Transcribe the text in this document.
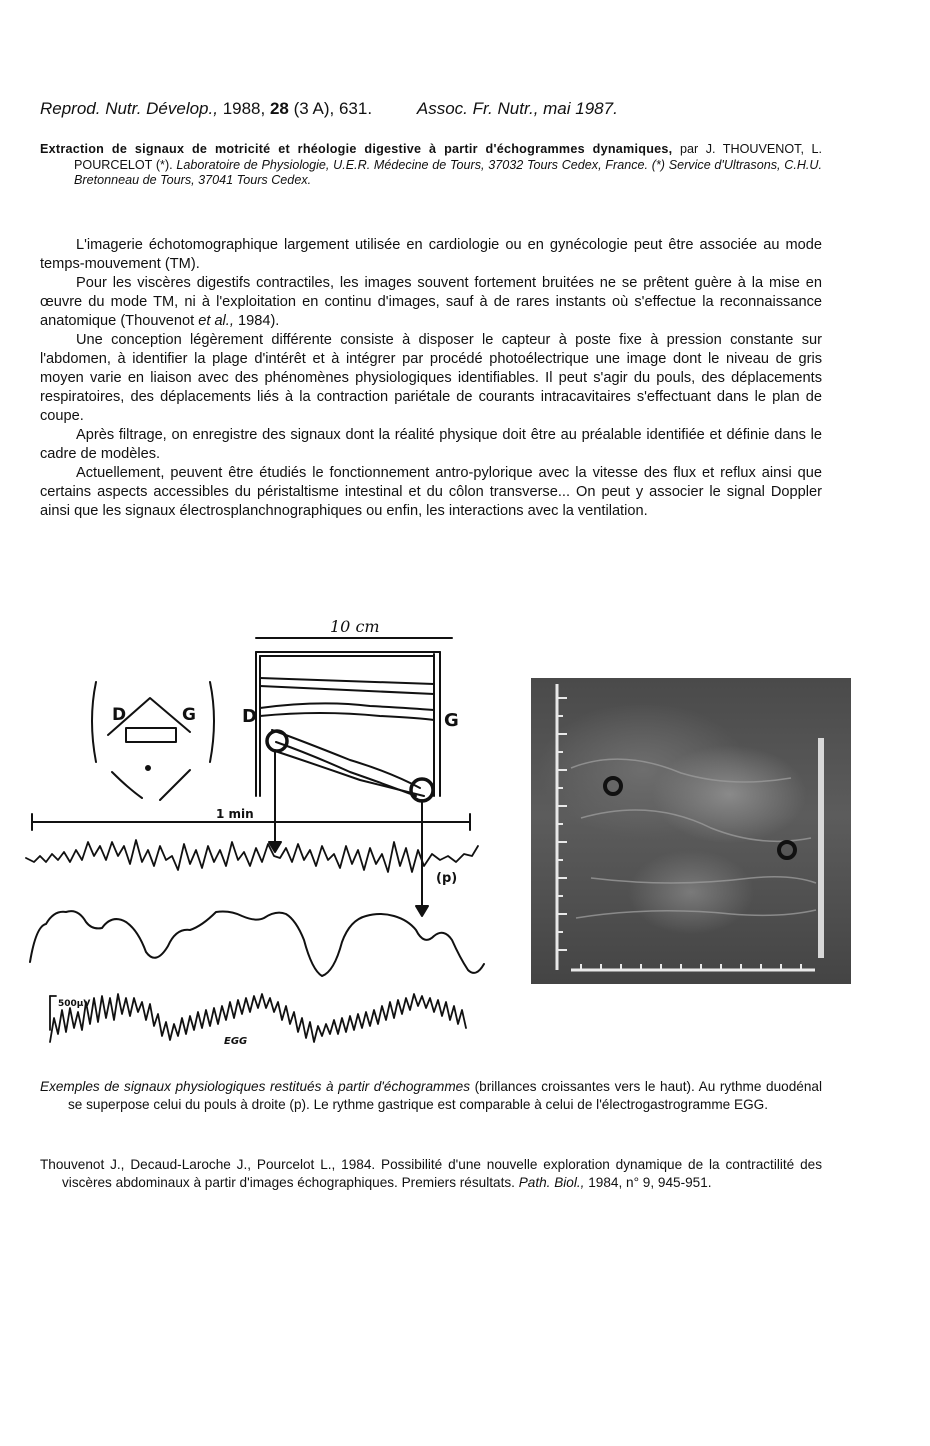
Reprod. Nutr. Dévelop., 1988, 28 (3 A), 631.	Assoc. Fr. Nutr., mai 1987.
Extraction de signaux de motricité et rhéologie digestive à partir d'échogrammes dynamiques, par J. THOUVENOT, L. POURCELOT (*). Laboratoire de Physiologie, U.E.R. Médecine de Tours, 37032 Tours Cedex, France. (*) Service d'Ultrasons, C.H.U. Bretonneau de Tours, 37041 Tours Cedex.

L'imagerie échotomographique largement utilisée en cardiologie ou en gynécologie peut être associée au mode temps-mouvement (TM).

Pour les viscères digestifs contractiles, les images souvent fortement bruitées ne se prêtent guère à la mise en œuvre du mode TM, ni à l'exploitation en continu d'images, sauf à de rares instants où s'effectue la reconnaissance anatomique (Thouvenot et al., 1984).

Une conception légèrement différente consiste à disposer le capteur à poste fixe à pression constante sur l'abdomen, à identifier la plage d'intérêt et à intégrer par procédé photoélectrique une image dont le niveau de gris moyen varie en liaison avec des phénomènes physiologiques identifiables. Il peut s'agir du pouls, des déplacements respiratoires, des déplacements liés à la contraction pariétale de courants intracavitaires s'effectuant dans le plan de coupe.

Après filtrage, on enregistre des signaux dont la réalité physique doit être au préalable identifiée et définie dans le cadre de modèles.

Actuellement, peuvent être étudiés le fonctionnement antro-pylorique avec la vitesse des flux et reflux ainsi que certains aspects accessibles du péristaltisme intestinal et du côlon transverse... On peut y associer le signal Doppler ainsi que les signaux électrosplanchnographiques ou enfin, les interactions avec la ventilation.

10 cm
D	G	D	G
1 min
(p)
500µV
EGG
Exemples de signaux physiologiques restitués à partir d'échogrammes (brillances croissantes vers le haut). Au rythme duodénal se superpose celui du pouls à droite (p). Le rythme gastrique est comparable à celui de l'électrogastrogramme EGG.
Thouvenot J., Decaud-Laroche J., Pourcelot L., 1984. Possibilité d'une nouvelle exploration dynamique de la contractilité des viscères abdominaux à partir d'images échographiques. Premiers résultats. Path. Biol., 1984, n° 9, 945-951.
